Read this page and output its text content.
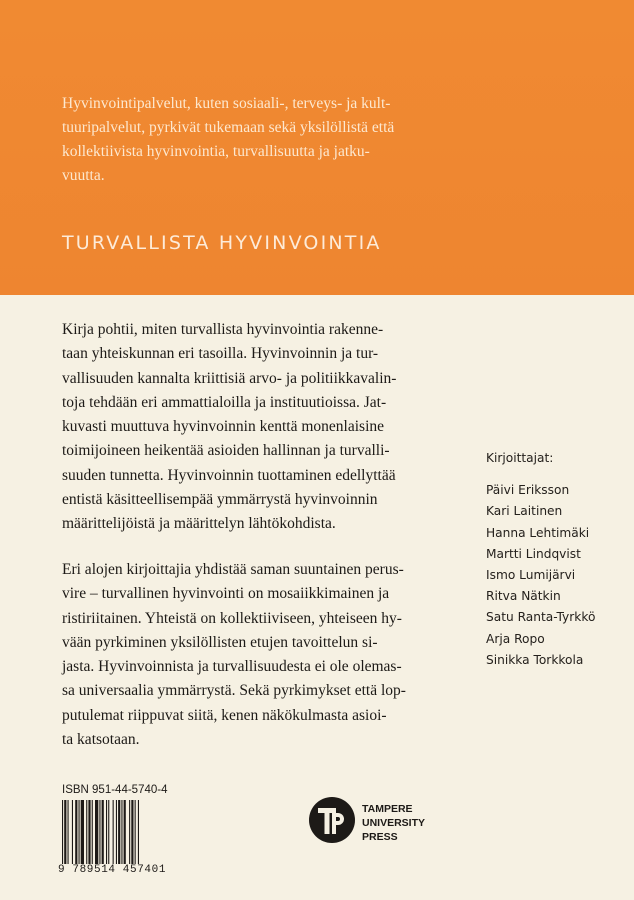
Hyvinvointipalvelut, kuten sosiaali-, terveys- ja kult-
tuuripalvelut, pyrkivät tukemaan sekä yksilöllistä että
kollektiivista hyvinvointia, turvallisuutta ja jatku-
vuutta.

TURVALLISTA HYVINVOINTIA

Kirja pohtii, miten turvallista hyvinvointia rakenne-
taan yhteiskunnan eri tasoilla. Hyvinvoinnin ja tur-
vallisuuden kannalta kriittisiä arvo- ja politiikkavalin-
toja tehdään eri ammattialoilla ja instituutioissa. Jat-
kuvasti muuttuva hyvinvoinnin kenttä monenlaisine
toimijoineen heikentää asioiden hallinnan ja turvalli-
suuden tunnetta. Hyvinvoinnin tuottaminen edellyttää
entistä käsitteellisempää ymmärrystä hyvinvoinnin
määrittelijöistä ja määrittelyn lähtökohdista.

Eri alojen kirjoittajia yhdistää saman suuntainen perus-
vire – turvallinen hyvinvointi on mosaiikkimainen ja
ristiriitainen. Yhteistä on kollektiiviseen, yhteiseen hy-
vään pyrkiminen yksilöllisten etujen tavoittelun si-
jasta. Hyvinvoinnista ja turvallisuudesta ei ole olemas-
sa universaalia ymmärrystä. Sekä pyrkimykset että lop-
putulemat riippuvat siitä, kenen näkökulmasta asioi-
ta katsotaan.

Kirjoittajat:
Päivi Eriksson
Kari Laitinen
Hanna Lehtimäki
Martti Lindqvist
Ismo Lumijärvi
Ritva Nätkin
Satu Ranta-Tyrkkö
Arja Ropo
Sinikka Torkkola
ISBN 951-44-5740-4
9 789514 457401
TAMPERE
UNIVERSITY
PRESS
